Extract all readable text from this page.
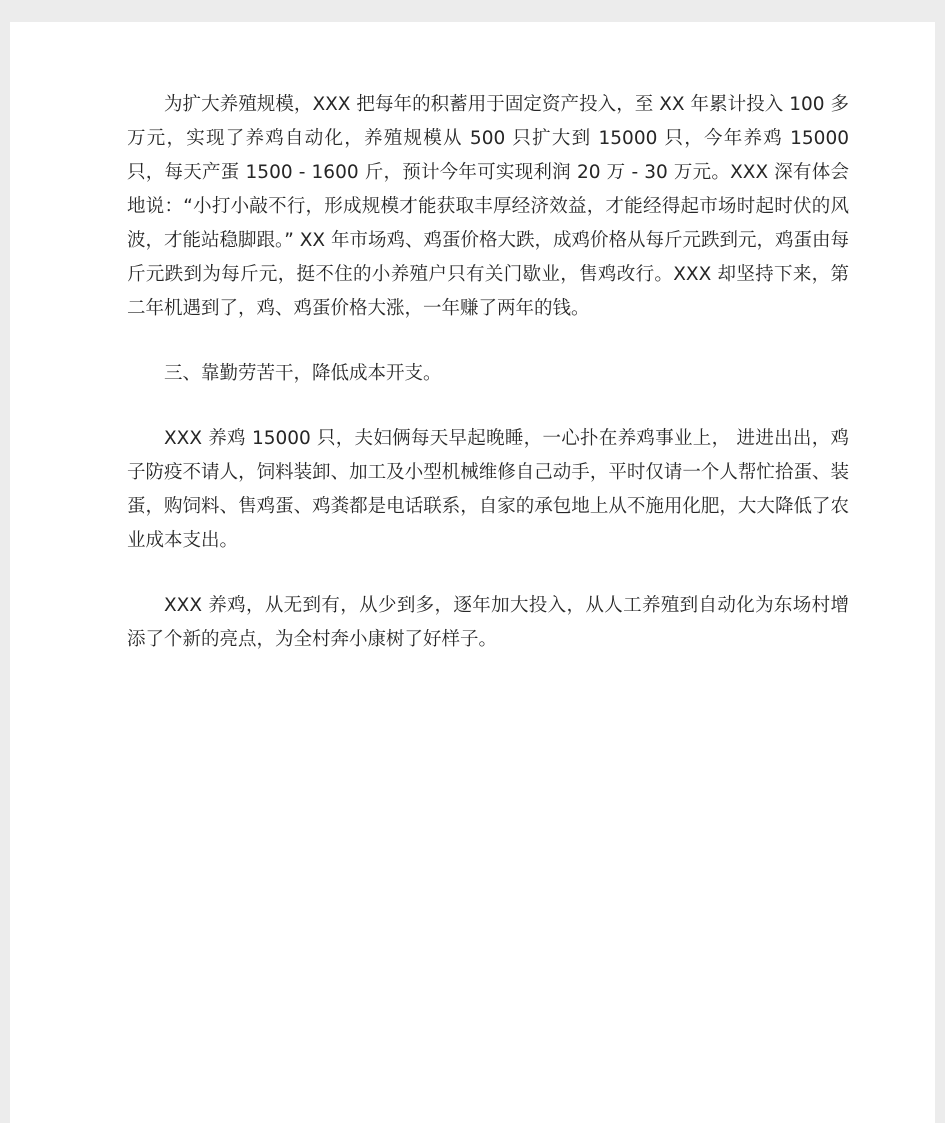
为扩大养殖规模，XXX 把每年的积蓄用于固定资产投入，至 XX 年累计投入 100 多万元，实现了养鸡自动化，养殖规模从 500 只扩大到 15000 只，今年养鸡 15000 只，每天产蛋 1500 - 1600 斤，预计今年可实现利润 20 万 - 30 万元。XXX 深有体会地说：“小打小敲不行，形成规模才能获取丰厚经济效益，才能经得起市场时起时伏的风波，才能站稳脚跟。” XX 年市场鸡、鸡蛋价格大跌，成鸡价格从每斤元跌到元，鸡蛋由每斤元跌到为每斤元，挺不住的小养殖户只有关门歇业，售鸡改行。XXX 却坚持下来，第二年机遇到了，鸡、鸡蛋价格大涨，一年赚了两年的钱。

三、靠勤劳苦干，降低成本开支。

XXX 养鸡 15000 只，夫妇俩每天早起晚睡，一心扑在养鸡事业上， 进进出出，鸡子防疫不请人，饲料装卸、加工及小型机械维修自己动手，平时仅请一个人帮忙拾蛋、装蛋，购饲料、售鸡蛋、鸡粪都是电话联系，自家的承包地上从不施用化肥，大大降低了农业成本支出。

XXX 养鸡，从无到有，从少到多，逐年加大投入，从人工养殖到自动化为东场村增添了个新的亮点，为全村奔小康树了好样子。
